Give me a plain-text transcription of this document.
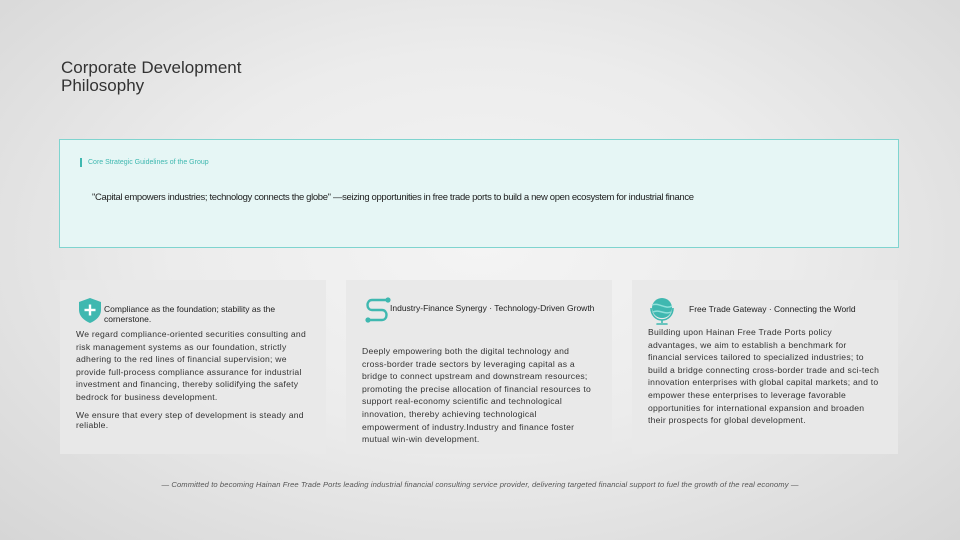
Corporate Development Philosophy
Core Strategic Guidelines of the Group
"Capital empowers industries; technology connects the globe" —seizing opportunities in free trade ports to build a new open ecosystem for industrial finance
Compliance as the foundation; stability as the cornerstone.

We regard compliance-oriented securities consulting and risk management systems as our foundation, strictly adhering to the red lines of financial supervision; we provide full-process compliance assurance for industrial investment and financing, thereby solidifying the safety bedrock for business development.

We ensure that every step of development is steady and reliable.

Industry-Finance Synergy · Technology-Driven Growth

Deeply empowering both the digital technology and cross-border trade sectors by leveraging capital as a bridge to connect upstream and downstream resources; promoting the precise allocation of financial resources to support real-economy scientific and technological innovation, thereby achieving technological empowerment of industry.Industry and finance foster mutual win-win development.

Free Trade Gateway · Connecting the World

Building upon Hainan Free Trade Ports policy advantages, we aim to establish a benchmark for financial services tailored to specialized industries; to build a bridge connecting cross-border trade and sci-tech innovation enterprises with global capital markets; and to empower these enterprises to leverage favorable opportunities for international expansion and broaden their prospects for global development.

— Committed to becoming Hainan Free Trade Ports leading industrial financial consulting service provider, delivering targeted financial support to fuel the growth of the real economy —
